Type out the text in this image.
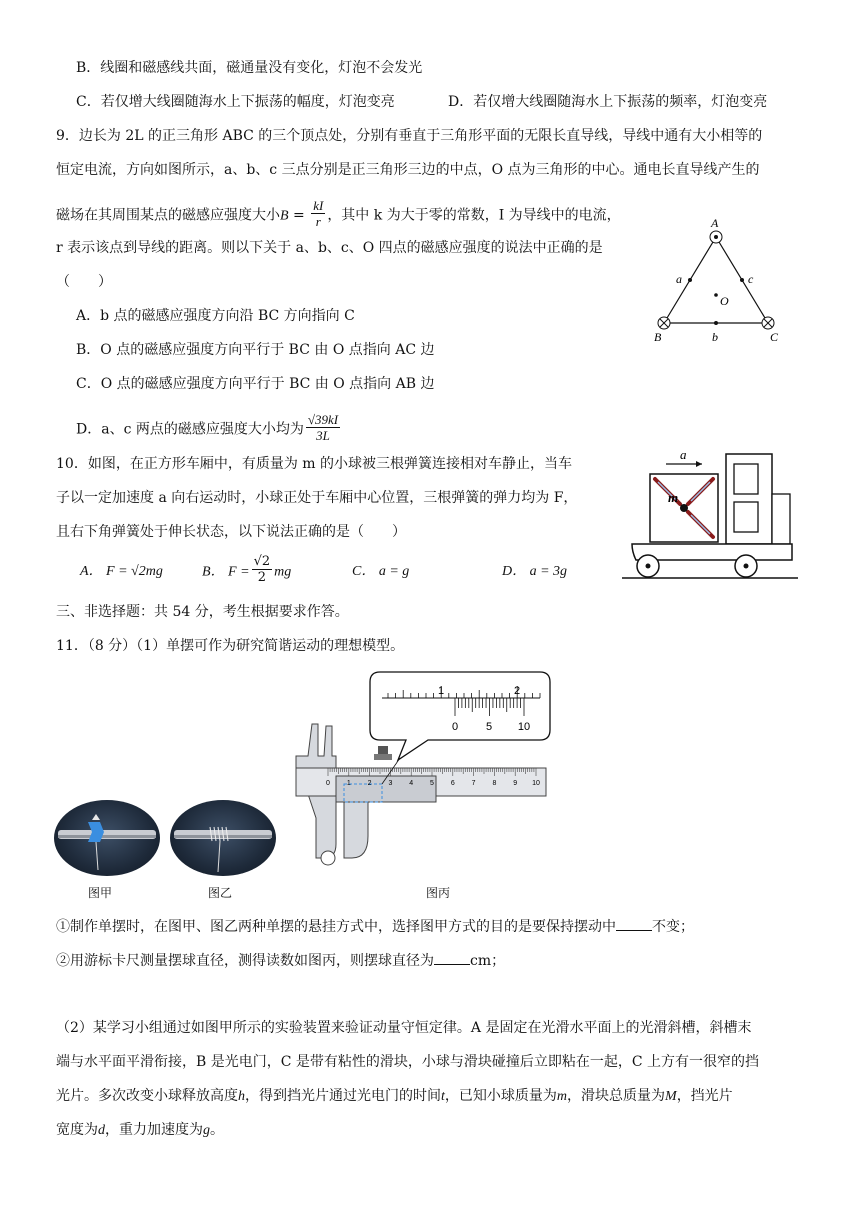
B．线圈和磁感线共面，磁通量没有变化，灯泡不会发光
C．若仅增大线圈随海水上下振荡的幅度，灯泡变亮	D．若仅增大线圈随海水上下振荡的频率，灯泡变亮
9．边长为 2L 的正三角形 ABC 的三个顶点处，分别有垂直于三角形平面的无限长直导线，导线中通有大小相等的
恒定电流，方向如图所示，a、b、c 三点分别是正三角形三边的中点，O 点为三角形的中心。通电长直导线产生的
磁场在其周围某点的磁感应强度大小$B = \frac{kI}{r}$ ，其中 k 为大于零的常数，I 为导线中的电流，
r 表示该点到导线的距离。则以下关于 a、b、c、O 四点的磁感应强度的说法中正确的是
（　　）
A．b 点的磁感应强度方向沿 BC 方向指向 C
B．O 点的磁感应强度方向平行于 BC 由 O 点指向 AC 边
C．O 点的磁感应强度方向平行于 BC 由 O 点指向 AB 边
D．a、c 两点的磁感应强度大小均为 $\frac{√39kI}{3L}$
A
a	c
O
B	b	C
10．如图，在正方形车厢中，有质量为 m 的小球被三根弹簧连接相对车静止，当车
子以一定加速度 a 向右运动时，小球正处于车厢中心位置，三根弹簧的弹力均为 F，
且右下角弹簧处于伸长状态，以下说法正确的是（　　）
A． F = √2mg	B． $F = \frac{√2}{2}$ mg	C． a = g	D． a = 3g
m
a
三、非选择题：共 54 分，考生根据要求作答。
11．（8 分）（1）单摆可作为研究简谐运动的理想模型。
图甲	图乙
1	2
0	5 10
0 1 2 3 4 5 6 7 8 9 10
图丙
①制作单摆时，在图甲、图乙两种单摆的悬挂方式中，选择图甲方式的目的是要保持摆动中	不变；
②用游标卡尺测量摆球直径，测得读数如图丙，则摆球直径为	cm；
（2）某学习小组通过如图甲所示的实验装置来验证动量守恒定律。A 是固定在光滑水平面上的光滑斜槽，斜槽末
端与水平面平滑衔接，B 是光电门，C 是带有粘性的滑块，小球与滑块碰撞后立即粘在一起，C 上方有一很窄的挡
光片。多次改变小球释放高度h，得到挡光片通过光电门的时间t，已知小球质量为m，滑块总质量为M，挡光片
宽度为d，重力加速度为g。
